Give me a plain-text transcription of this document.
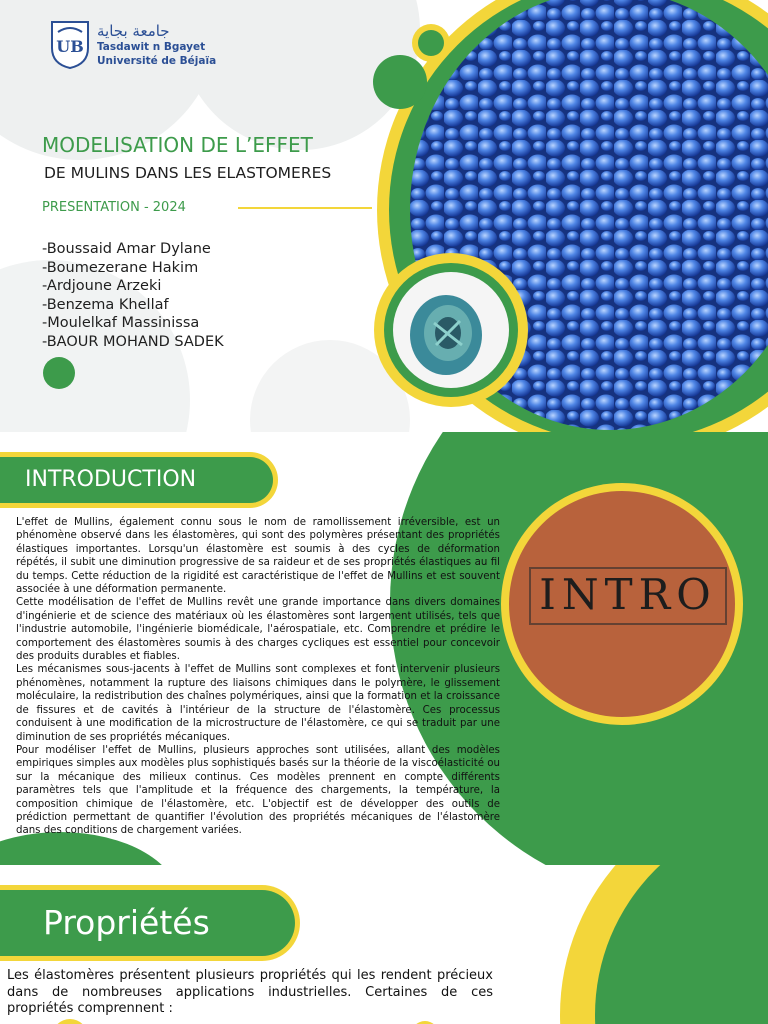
UB
جامعة بجاية
Tasdawit n Bgayet
Université de Béjaïa
MODELISATION DE L’EFFET
DE MULINS DANS LES ELASTOMERES
PRESENTATION - 2024
-Boussaid Amar Dylane
-Boumezerane Hakim
-Ardjoune Arzeki
-Benzema Khellaf
-Moulelkaf Massinissa
-BAOUR MOHAND SADEK
INTRO
INTRODUCTION

L'effet de Mullins, également connu sous le nom de ramollissement irréversible, est un phénomène observé dans les élastomères, qui sont des polymères présentant des propriétés élastiques importantes. Lorsqu'un élastomère est soumis à des cycles de déformation répétés, il subit une diminution progressive de sa raideur et de ses propriétés élastiques au fil du temps. Cette réduction de la rigidité est caractéristique de l'effet de Mullins et est souvent associée à une déformation permanente.

Cette modélisation de l'effet de Mullins revêt une grande importance dans divers domaines d'ingénierie et de science des matériaux où les élastomères sont largement utilisés, tels que l'industrie automobile, l'ingénierie biomédicale, l'aérospatiale, etc. Comprendre et prédire le comportement des élastomères soumis à des charges cycliques est essentiel pour concevoir des produits durables et fiables.

Les mécanismes sous-jacents à l'effet de Mullins sont complexes et font intervenir plusieurs phénomènes, notamment la rupture des liaisons chimiques dans le polymère, le glissement moléculaire, la redistribution des chaînes polymériques, ainsi que la formation et la croissance de fissures et de cavités à l'intérieur de la structure de l'élastomère. Ces processus conduisent à une modification de la microstructure de l'élastomère, ce qui se traduit par une diminution de ses propriétés mécaniques.

Pour modéliser l'effet de Mullins, plusieurs approches sont utilisées, allant des modèles empiriques simples aux modèles plus sophistiqués basés sur la théorie de la viscoélasticité ou sur la mécanique des milieux continus. Ces modèles prennent en compte différents paramètres tels que l'amplitude et la fréquence des chargements, la température, la composition chimique de l'élastomère, etc. L'objectif est de développer des outils de prédiction permettant de quantifier l'évolution des propriétés mécaniques de l'élastomère dans des conditions de chargement variées.

Propriétés
Les élastomères présentent plusieurs propriétés qui les rendent précieux dans de nombreuses applications industrielles. Certaines de ces propriétés comprennent :
